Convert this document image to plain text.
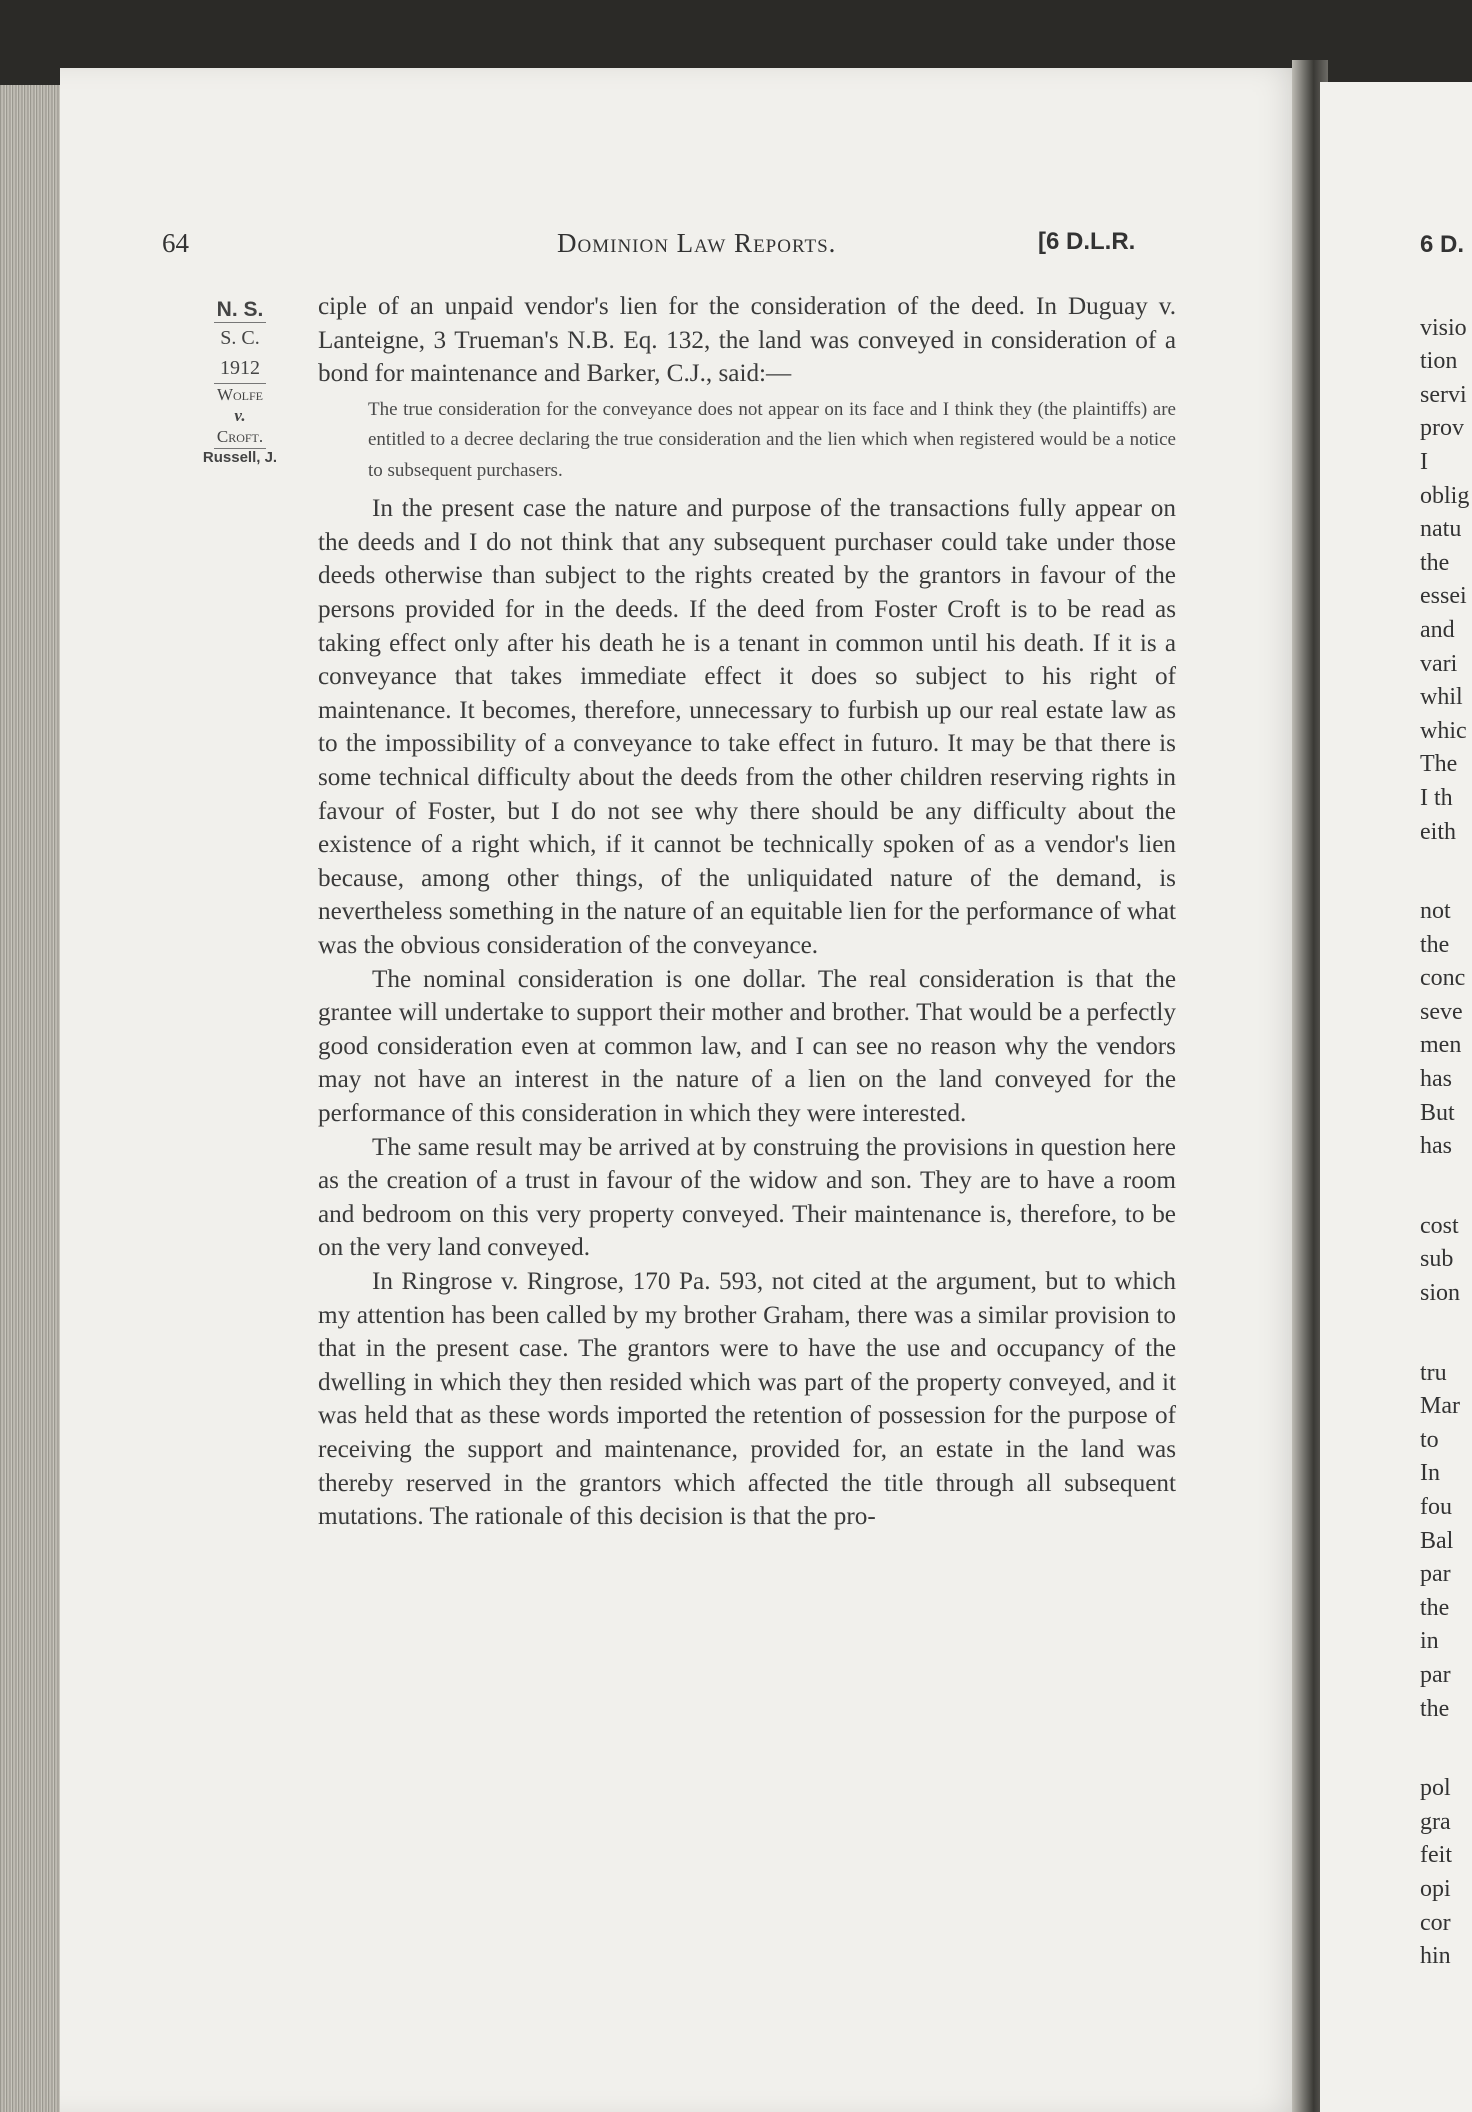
64	Dominion Law Reports.	[6 D.L.R.
N. S.
S. C.
1912
Wolfe
v.
Croft.
Russell, J.

ciple of an unpaid vendor's lien for the consideration of the deed. In Duguay v. Lanteigne, 3 Trueman's N.B. Eq. 132, the land was conveyed in consideration of a bond for maintenance and Barker, C.J., said:—

The true consideration for the conveyance does not appear on its face and I think they (the plaintiffs) are entitled to a decree declaring the true consideration and the lien which when registered would be a notice to subsequent purchasers.

In the present case the nature and purpose of the transactions fully appear on the deeds and I do not think that any subsequent purchaser could take under those deeds otherwise than subject to the rights created by the grantors in favour of the persons provided for in the deeds. If the deed from Foster Croft is to be read as taking effect only after his death he is a tenant in common until his death. If it is a conveyance that takes immediate effect it does so subject to his right of maintenance. It becomes, therefore, unnecessary to furbish up our real estate law as to the impossibility of a conveyance to take effect in futuro. It may be that there is some technical difficulty about the deeds from the other children reserving rights in favour of Foster, but I do not see why there should be any difficulty about the existence of a right which, if it cannot be technically spoken of as a vendor's lien because, among other things, of the unliquidated nature of the demand, is nevertheless something in the nature of an equitable lien for the performance of what was the obvious consideration of the conveyance.

The nominal consideration is one dollar. The real consideration is that the grantee will undertake to support their mother and brother. That would be a perfectly good consideration even at common law, and I can see no reason why the vendors may not have an interest in the nature of a lien on the land conveyed for the performance of this consideration in which they were interested.

The same result may be arrived at by construing the provisions in question here as the creation of a trust in favour of the widow and son. They are to have a room and bedroom on this very property conveyed. Their maintenance is, therefore, to be on the very land conveyed.

In Ringrose v. Ringrose, 170 Pa. 593, not cited at the argument, but to which my attention has been called by my brother Graham, there was a similar provision to that in the present case. The grantors were to have the use and occupancy of the dwelling in which they then resided which was part of the property conveyed, and it was held that as these words imported the retention of possession for the purpose of receiving the support and maintenance, provided for, an estate in the land was thereby reserved in the grantors which affected the title through all subsequent mutations. The rationale of this decision is that the pro-

6 D.
visio
tion
servi
prov
I
oblig
natu
the
essei
and
vari
whil
whic
The
I th
eith
not
the
conc
seve
men
has
But
has
cost
sub
sion
tru
Mar
to
In
fou
Bal
par
the
in
par
the
pol
gra
feit
opi
cor
hin
